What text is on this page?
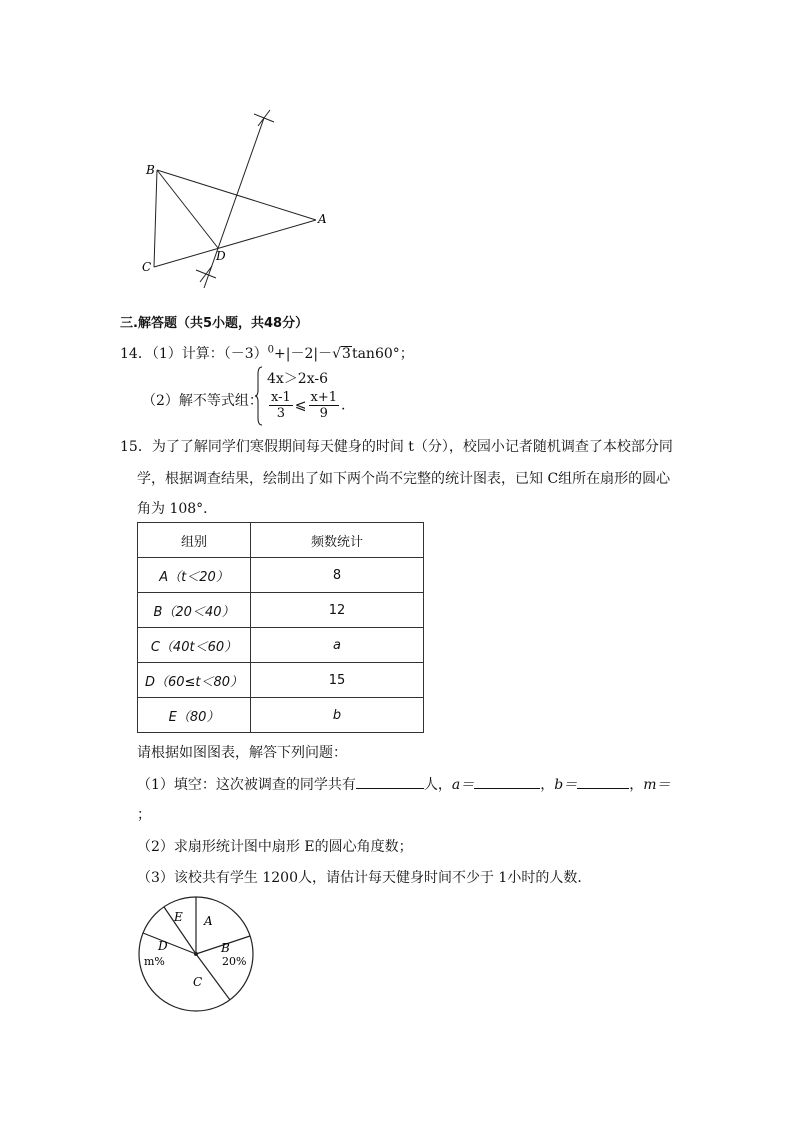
B
A
C
D
三.解答题（共5小题，共48分）
14．（1）计算：$(-3)^0+|-2|-√3\tan 60^\circ$；
（2）解不等式组：
4x＞2x-6
$\frac{x-1}{3}$ ⩽ $\frac{x+1}{9}$ .
15．为了了解同学们寒假期间每天健身的时间 t（分），校园小记者随机调查了本校部分同
学，根据调查结果，绘制出了如下两个尚不完整的统计图表，已知 C组所在扇形的圆心
角为 108°．
组别	频数统计
A（t＜20）	8
B（20＜40）	12
C（40t＜60）	a
D（60≤t＜80）	15
E（80）	b
请根据如图图表，解答下列问题：
（1）填空：这次被调查的同学共有	人，a＝	，b＝	，m＝
；
（2）求扇形统计图中扇形 E的圆心角度数；
（3）该校共有学生 1200人，请估计每天健身时间不少于 1小时的人数．
E A
B
20%
D
m%
C
